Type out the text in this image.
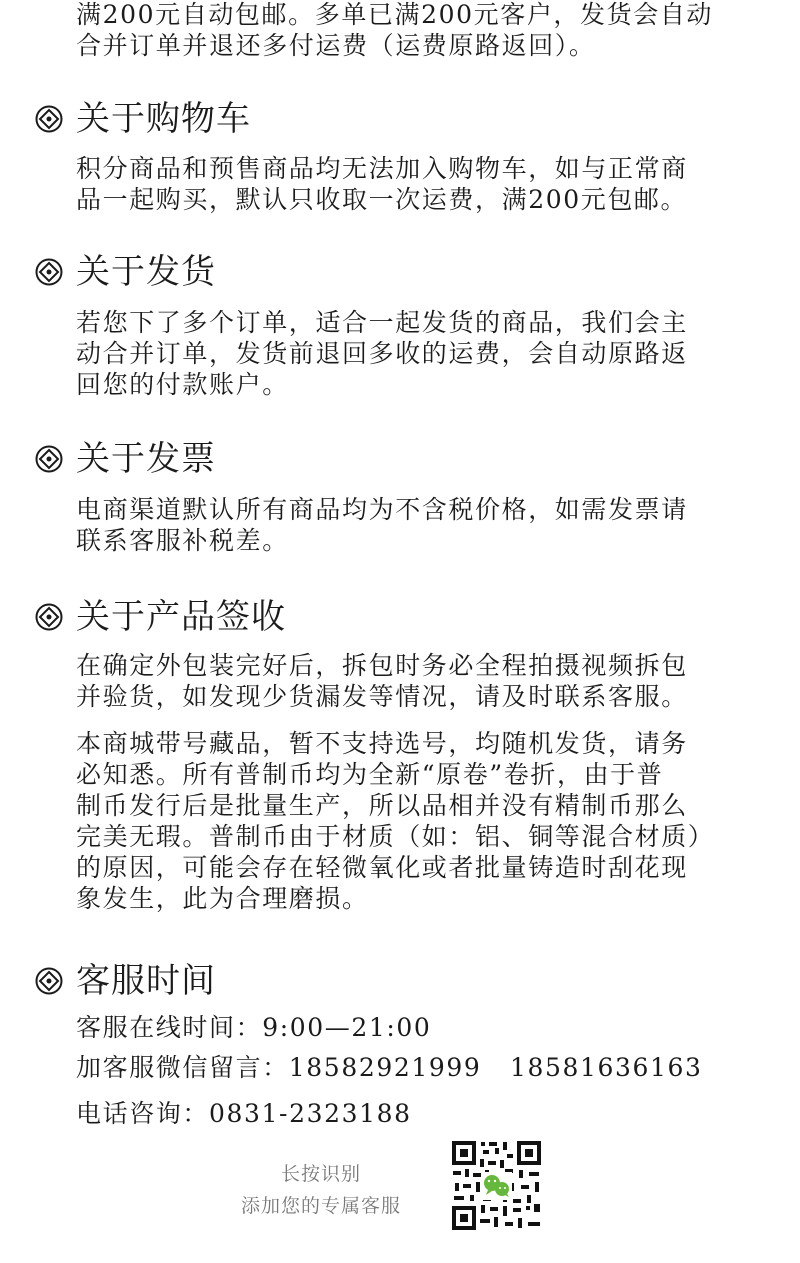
满200元自动包邮。多单已满200元客户，发货会自动
合并订单并退还多付运费（运费原路返回）。
关于购物车
积分商品和预售商品均无法加入购物车，如与正常商
品一起购买，默认只收取一次运费，满200元包邮。
关于发货
若您下了多个订单，适合一起发货的商品，我们会主
动合并订单，发货前退回多收的运费，会自动原路返
回您的付款账户。
关于发票
电商渠道默认所有商品均为不含税价格，如需发票请
联系客服补税差。
关于产品签收
在确定外包装完好后，拆包时务必全程拍摄视频拆包
并验货，如发现少货漏发等情况，请及时联系客服。
本商城带号藏品，暂不支持选号，均随机发货，请务
必知悉。所有普制币均为全新“原卷”卷折，由于普
制币发行后是批量生产，所以品相并没有精制币那么
完美无瑕。普制币由于材质（如：铝、铜等混合材质）
的原因，可能会存在轻微氧化或者批量铸造时刮花现
象发生，此为合理磨损。
客服时间
客服在线时间：9:00—21:00
加客服微信留言：18582921999   18581636163
电话咨询：0831-2323188
长按识别
添加您的专属客服
